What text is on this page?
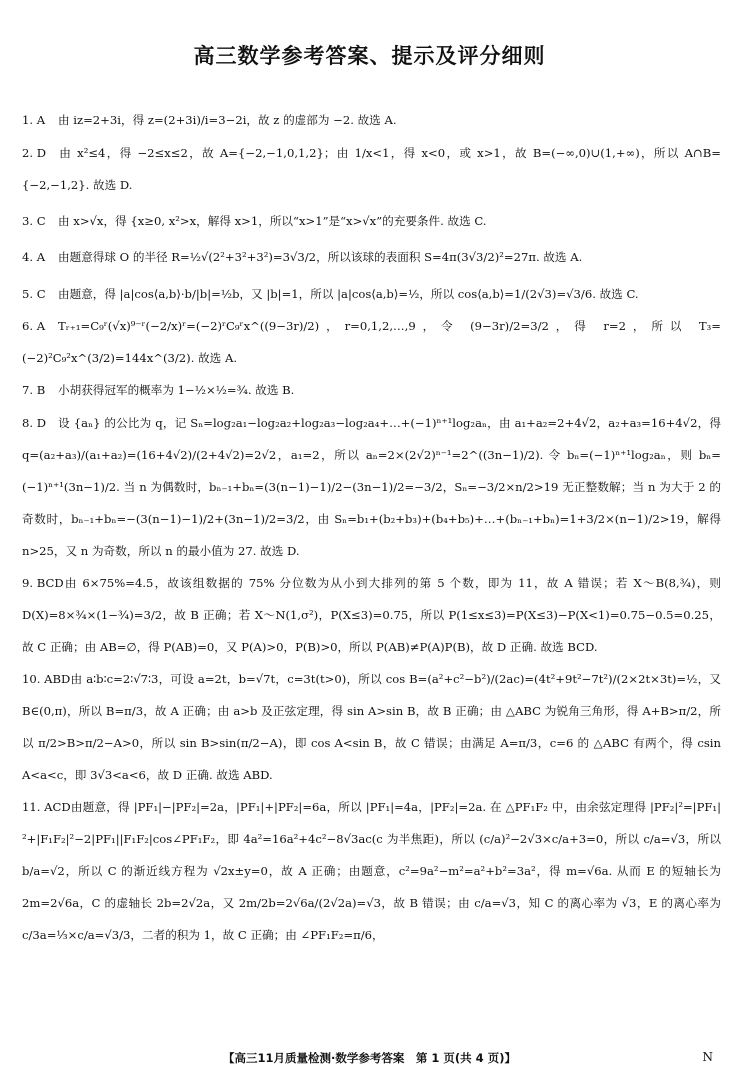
高三数学参考答案、提示及评分细则
1. A 由 iz=2+3i，得 z=(2+3i)/i=3−2i，故 z 的虚部为 −2. 故选 A.
2. D 由 x²≤4，得 −2≤x≤2，故 A={−2,−1,0,1,2}；由 1/x<1，得 x<0，或 x>1，故 B=(−∞,0)∪(1,+∞)，所以 A∩B={−2,−1,2}. 故选 D.
3. C 由 x>√x，得 {x≥0, x²>x，解得 x>1，所以“x>1”是“x>√x”的充要条件. 故选 C.
4. A 由题意得球 O 的半径 R=½√(2²+3²+3²)=3√3/2，所以该球的表面积 S=4π(3√3/2)²=27π. 故选 A.
5. C 由题意，得 |a|cos⟨a,b⟩·b/|b|=½b，又 |b|=1，所以 |a|cos⟨a,b⟩=½，所以 cos⟨a,b⟩=1/(2√3)=√3/6. 故选 C.
6. A Tᵣ₊₁=C₉ʳ(√x)⁹⁻ʳ(−2/x)ʳ=(−2)ʳC₉ʳx^((9−3r)/2)，r=0,1,2,…,9，令 (9−3r)/2=3/2，得 r=2，所以 T₃=(−2)²C₉²x^(3/2)=144x^(3/2). 故选 A.
7. B 小胡获得冠军的概率为 1−½×½=¾. 故选 B.
8. D 设 {aₙ} 的公比为 q，记 Sₙ=log₂a₁−log₂a₂+log₂a₃−log₂a₄+…+(−1)ⁿ⁺¹log₂aₙ，由 a₁+a₂=2+4√2，a₂+a₃=16+4√2，得 q=(a₂+a₃)/(a₁+a₂)=(16+4√2)/(2+4√2)=2√2，a₁=2，所以 aₙ=2×(2√2)ⁿ⁻¹=2^((3n−1)/2). 令 bₙ=(−1)ⁿ⁺¹log₂aₙ，则 bₙ=(−1)ⁿ⁺¹(3n−1)/2. 当 n 为偶数时，bₙ₋₁+bₙ=(3(n−1)−1)/2−(3n−1)/2=−3/2，Sₙ=−3/2×n/2>19 无正整数解；当 n 为大于 2 的奇数时，bₙ₋₁+bₙ=−(3(n−1)−1)/2+(3n−1)/2=3/2，由 Sₙ=b₁+(b₂+b₃)+(b₄+b₅)+…+(bₙ₋₁+bₙ)=1+3/2×(n−1)/2>19，解得 n>25，又 n 为奇数，所以 n 的最小值为 27. 故选 D.
9. BCD由 6×75%=4.5，故该组数据的 75% 分位数为从小到大排列的第 5 个数，即为 11，故 A 错误；若 X～B(8,¾)，则 D(X)=8×¾×(1−¾)=3/2，故 B 正确；若 X～N(1,σ²)，P(X≤3)=0.75，所以 P(1≤x≤3)=P(X≤3)−P(X<1)=0.75−0.5=0.25，故 C 正确；由 AB=∅，得 P(AB)=0，又 P(A)>0，P(B)>0，所以 P(AB)≠P(A)P(B)，故 D 正确. 故选 BCD.
10. ABD由 a∶b∶c=2∶√7∶3，可设 a=2t，b=√7t，c=3t(t>0)，所以 cos B=(a²+c²−b²)/(2ac)=(4t²+9t²−7t²)/(2×2t×3t)=½，又 B∈(0,π)，所以 B=π/3，故 A 正确；由 a>b 及正弦定理，得 sin A>sin B，故 B 正确；由 △ABC 为锐角三角形，得 A+B>π/2，所以 π/2>B>π/2−A>0，所以 sin B>sin(π/2−A)，即 cos A<sin B，故 C 错误；由满足 A=π/3，c=6 的 △ABC 有两个，得 csin A<a<c，即 3√3<a<6，故 D 正确. 故选 ABD.
11. ACD由题意，得 |PF₁|−|PF₂|=2a，|PF₁|+|PF₂|=6a，所以 |PF₁|=4a，|PF₂|=2a. 在 △PF₁F₂ 中，由余弦定理得 |PF₂|²=|PF₁|²+|F₁F₂|²−2|PF₁||F₁F₂|cos∠PF₁F₂，即 4a²=16a²+4c²−8√3ac(c 为半焦距)，所以 (c/a)²−2√3×c/a+3=0，所以 c/a=√3，所以 b/a=√2，所以 C 的渐近线方程为 √2x±y=0，故 A 正确；由题意，c²=9a²−m²=a²+b²=3a²，得 m=√6a. 从而 E 的短轴长为 2m=2√6a，C 的虚轴长 2b=2√2a，又 2m/2b=2√6a/(2√2a)=√3，故 B 错误；由 c/a=√3，知 C 的离心率为 √3，E 的离心率为 c/3a=⅓×c/a=√3/3，二者的积为 1，故 C 正确；由 ∠PF₁F₂=π/6，
【高三11月质量检测·数学参考答案　第 1 页(共 4 页)】	N
